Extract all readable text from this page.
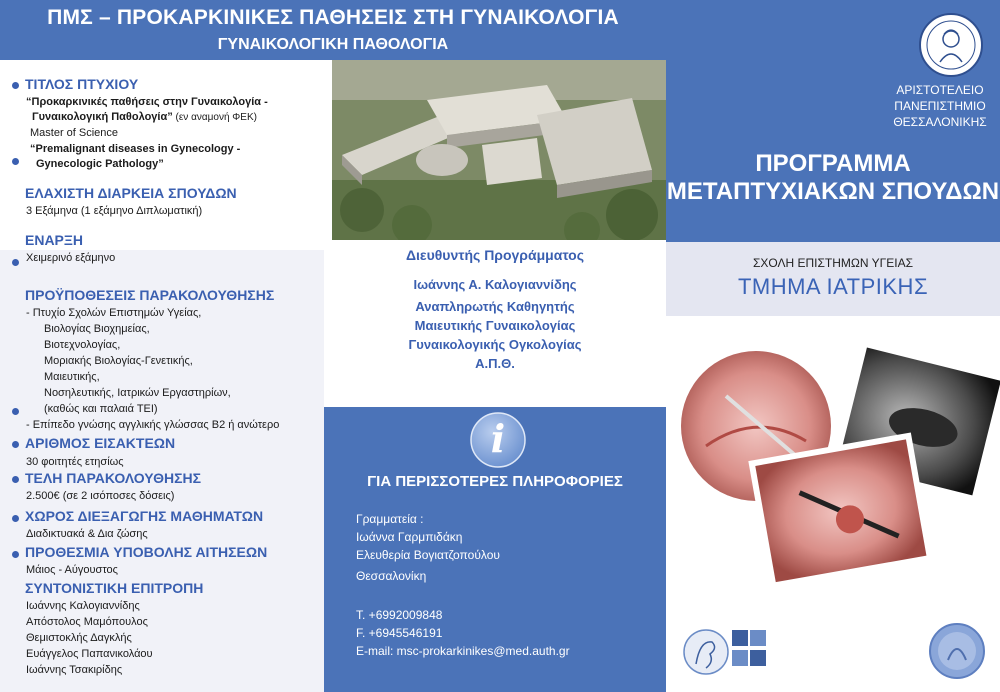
ΠΜΣ – ΠΡΟΚΑΡΚΙΝΙΚΕΣ ΠΑΘΗΣΕΙΣ ΣΤΗ ΓΥΝΑΙΚΟΛΟΓΙΑ
ΓΥΝΑΙΚΟΛΟΓΙΚΗ ΠΑΘΟΛΟΓΙΑ
ΑΡΙΣΤΟΤΕΛΕΙΟ
ΠΑΝΕΠΙΣΤΗΜΙΟ
ΘΕΣΣΑΛΟΝΙΚΗΣ
ΠΡΟΓΡΑΜΜΑ
ΜΕΤΑΠΤΥΧΙΑΚΩΝ ΣΠΟΥΔΩΝ
ΣΧΟΛΗ ΕΠΙΣΤΗΜΩΝ ΥΓΕΙΑΣ
ΤΜΗΜΑ ΙΑΤΡΙΚΗΣ
ΤΙΤΛΟΣ ΠΤΥΧΙΟΥ
“Προκαρκινικές παθήσεις στην Γυναικολογία -
Γυναικολογική Παθολογία” (εν αναμονή ΦΕΚ)
Master of Science
“Premalignant diseases in Gynecology -
Gynecologic Pathology”
ΕΛΑΧΙΣΤΗ ΔΙΑΡΚΕΙΑ ΣΠΟΥΔΩΝ
3 Εξάμηνα (1 εξάμηνο Διπλωματική)
ΕΝΑΡΞΗ
Χειμερινό εξάμηνο
ΠΡΟΫΠΟΘΕΣΕΙΣ ΠΑΡΑΚΟΛΟΥΘΗΣΗΣ
- Πτυχίο Σχολών Επιστημών Υγείας,
Βιολογίας Βιοχημείας,
Βιοτεχνολογίας,
Μοριακής Βιολογίας-Γενετικής,
Μαιευτικής,
Νοσηλευτικής, Ιατρικών Εργαστηρίων,
(καθώς και παλαιά ΤΕΙ)
- Επίπεδο γνώσης αγγλικής γλώσσας Β2 ή ανώτερο
ΑΡΙΘΜΟΣ ΕΙΣΑΚΤΕΩΝ
30 φοιτητές ετησίως
ΤΕΛΗ ΠΑΡΑΚΟΛΟΥΘΗΣΗΣ
2.500€ (σε 2 ισόποσες δόσεις)
ΧΩΡΟΣ ΔΙΕΞΑΓΩΓΗΣ ΜΑΘΗΜΑΤΩΝ
Διαδικτυακά & Δια ζώσης
ΠΡΟΘΕΣΜΙΑ ΥΠΟΒΟΛΗΣ ΑΙΤΗΣΕΩΝ
Μάιος - Αύγουστος
ΣΥΝΤΟΝΙΣΤΙΚΗ ΕΠΙΤΡΟΠΗ
Ιωάννης Καλογιαννίδης
Απόστολος Μαμόπουλος
Θεμιστοκλής Δαγκλής
Ευάγγελος Παπανικολάου
Ιωάννης Τσακιρίδης
Διευθυντής Προγράμματος
Ιωάννης Α. Καλογιαννίδης
Αναπληρωτής Καθηγητής
Μαιευτικής Γυναικολογίας
Γυναικολογικής Ογκολογίας
Α.Π.Θ.
i
ΓΙΑ ΠΕΡΙΣΣΟΤΕΡΕΣ ΠΛΗΡΟΦΟΡΙΕΣ
Γραμματεία :
Ιωάννα Γαρμπιδάκη
Ελευθερία Βογιατζοπούλου
Θεσσαλονίκη
Τ. +6992009848
F. +6945546191
E-mail: msc-prokarkinikes@med.auth.gr
